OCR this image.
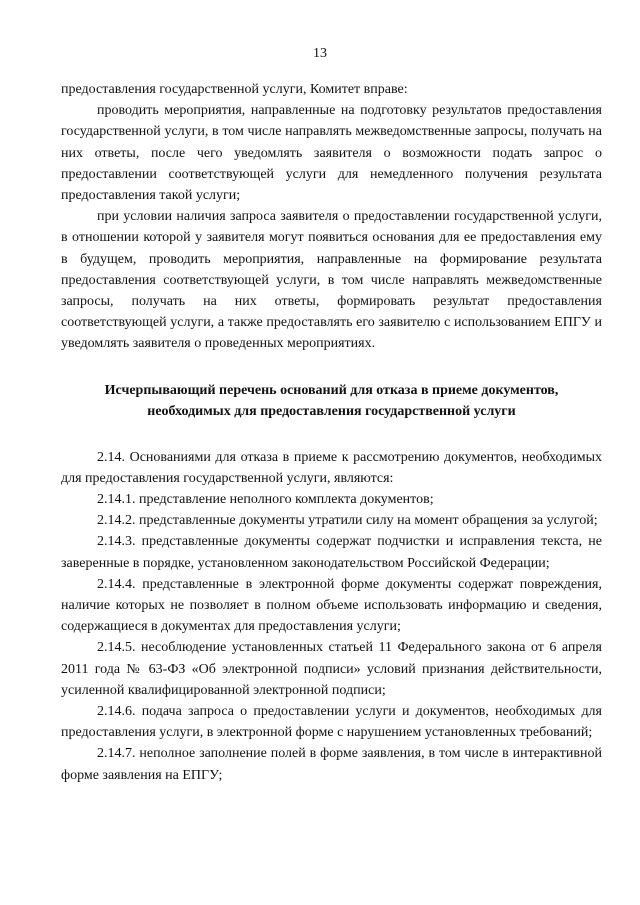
13

предоставления государственной услуги, Комитет вправе:

проводить мероприятия, направленные на подготовку результатов предоставления государственной услуги, в том числе направлять межведомственные запросы, получать на них ответы, после чего уведомлять заявителя о возможности подать запрос о предоставлении соответствующей услуги для немедленного получения результата предоставления такой услуги;

при условии наличия запроса заявителя о предоставлении государственной услуги, в отношении которой у заявителя могут появиться основания для ее предоставления ему в будущем, проводить мероприятия, направленные на формирование результата предоставления соответствующей услуги, в том числе направлять межведомственные запросы, получать на них ответы, формировать результат предоставления соответствующей услуги, а также предоставлять его заявителю с использованием ЕПГУ и уведомлять заявителя о проведенных мероприятиях.

Исчерпывающий перечень оснований для отказа в приеме документов,
необходимых для предоставления государственной услуги

2.14. Основаниями для отказа в приеме к рассмотрению документов, необходимых для предоставления государственной услуги, являются:

2.14.1. представление неполного комплекта документов;

2.14.2. представленные документы утратили силу на момент обращения за услугой;

2.14.3. представленные документы содержат подчистки и исправления текста, не заверенные в порядке, установленном законодательством Российской Федерации;

2.14.4. представленные в электронной форме документы содержат повреждения, наличие которых не позволяет в полном объеме использовать информацию и сведения, содержащиеся в документах для предоставления услуги;

2.14.5. несоблюдение установленных статьей 11 Федерального закона от 6 апреля 2011 года № 63-ФЗ «Об электронной подписи» условий признания действительности, усиленной квалифицированной электронной подписи;

2.14.6. подача запроса о предоставлении услуги и документов, необходимых для предоставления услуги, в электронной форме с нарушением установленных требований;

2.14.7. неполное заполнение полей в форме заявления, в том числе в интерактивной форме заявления на ЕПГУ;
